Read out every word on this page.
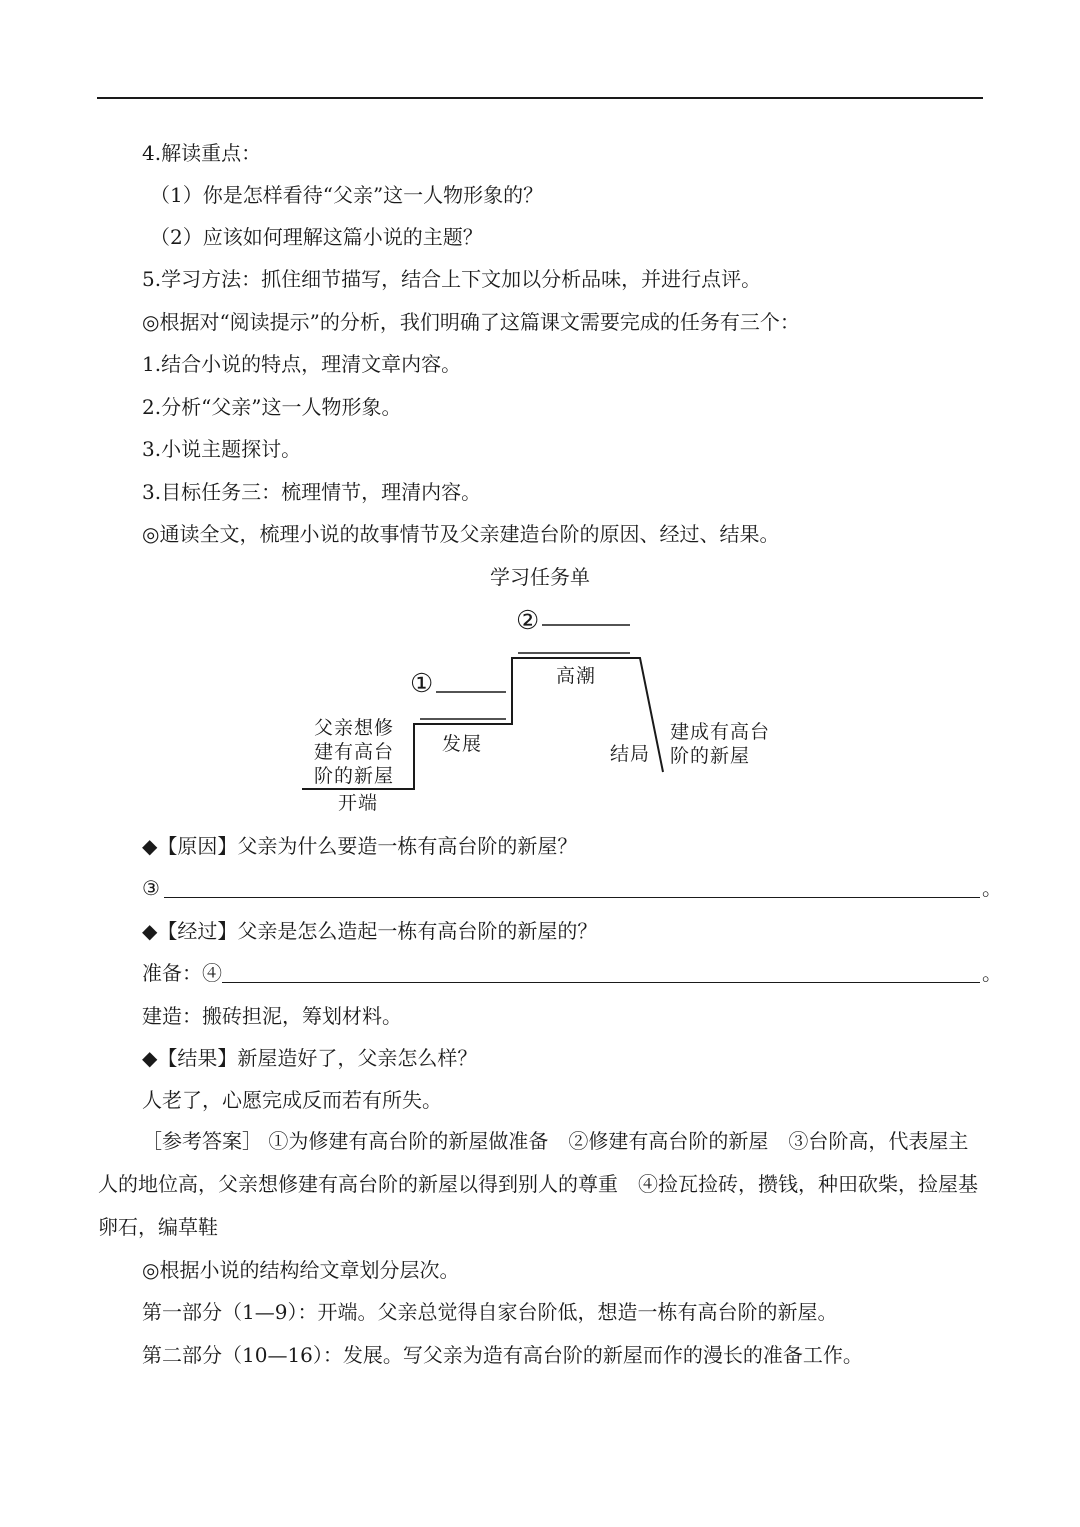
4.解读重点：
（1）你是怎样看待“父亲”这一人物形象的？
（2）应该如何理解这篇小说的主题？
5.学习方法：抓住细节描写，结合上下文加以分析品味，并进行点评。
◎根据对“阅读提示”的分析，我们明确了这篇课文需要完成的任务有三个：
1.结合小说的特点，理清文章内容。
2.分析“父亲”这一人物形象。
3.小说主题探讨。
3.目标任务三：梳理情节，理清内容。
◎通读全文，梳理小说的故事情节及父亲建造台阶的原因、经过、结果。
学习任务单
②
①	高潮
发展
父亲想修
建有高台
阶的新屋
开端
结局
建成有高台
阶的新屋
◆【原因】父亲为什么要造一栋有高台阶的新屋？
③	。
◆【经过】父亲是怎么造起一栋有高台阶的新屋的？
准备：④	。
建造：搬砖担泥，筹划材料。
◆【结果】新屋造好了，父亲怎么样？
人老了，心愿完成反而若有所失。
［参考答案］ ①为修建有高台阶的新屋做准备　②修建有高台阶的新屋　③台阶高，代表屋主人的地位高，父亲想修建有高台阶的新屋以得到别人的尊重　④捡瓦捡砖，攒钱，种田砍柴，捡屋基卵石，编草鞋
◎根据小说的结构给文章划分层次。
第一部分（1—9）：开端。父亲总觉得自家台阶低，想造一栋有高台阶的新屋。
第二部分（10—16）：发展。写父亲为造有高台阶的新屋而作的漫长的准备工作。
